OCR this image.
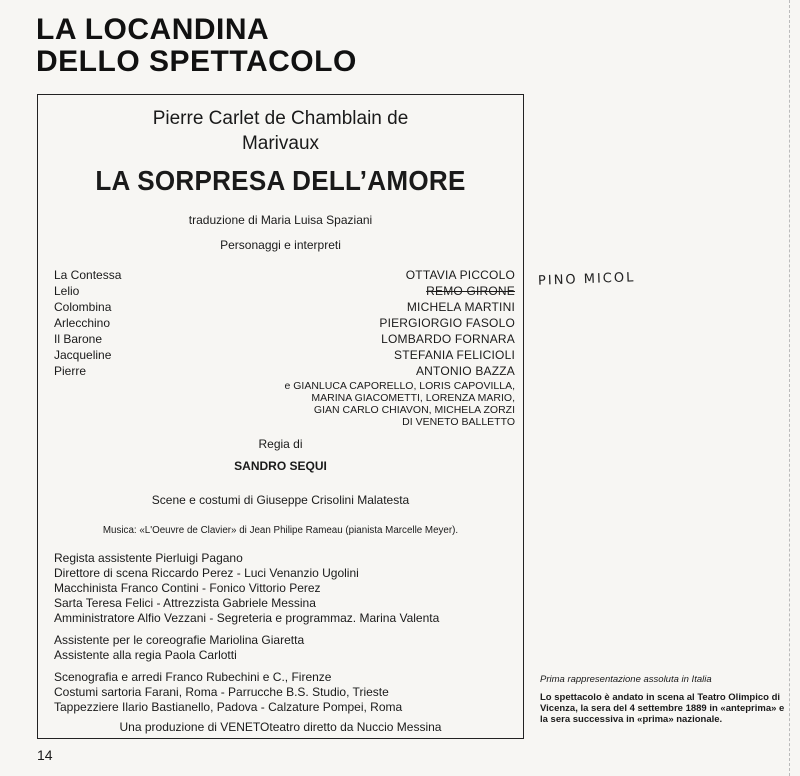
LA LOCANDINA
DELLO SPETTACOLO
Pierre Carlet de Chamblain de
Marivaux
LA SORPRESA DELL’AMORE
traduzione di Maria Luisa Spaziani
Personaggi e interpreti
La Contessa	OTTAVIA PICCOLO
Lelio	REMO GIRONE
Colombina	MICHELA MARTINI
Arlecchino	PIERGIORGIO FASOLO
Il Barone	LOMBARDO FORNARA
Jacqueline	STEFANIA FELICIOLI
Pierre	ANTONIO BAZZA
e GIANLUCA CAPORELLO, LORIS CAPOVILLA,
MARINA GIACOMETTI, LORENZA MARIO,
GIAN CARLO CHIAVON, MICHELA ZORZI
DI VENETO BALLETTO
Regia di
SANDRO SEQUI
Scene e costumi di Giuseppe Crisolini Malatesta
Musica: «L'Oeuvre de Clavier» di Jean Philipe Rameau (pianista Marcelle Meyer).
Regista assistente Pierluigi Pagano
Direttore di scena Riccardo Perez - Luci Venanzio Ugolini
Macchinista Franco Contini - Fonico Vittorio Perez
Sarta Teresa Felici - Attrezzista Gabriele Messina
Amministratore Alfio Vezzani - Segreteria e programmaz. Marina Valenta
Assistente per le coreografie Mariolina Giaretta
Assistente alla regia Paola Carlotti
Scenografia e arredi Franco Rubechini e C., Firenze
Costumi sartoria Farani, Roma - Parrucche B.S. Studio, Trieste
Tappezziere Ilario Bastianello, Padova - Calzature Pompei, Roma
Una produzione di VENETOteatro diretto da Nuccio Messina
PINO MICOL
Prima rappresentazione assoluta in Italia
Lo spettacolo è andato in scena al Teatro Olimpico di Vicenza, la sera del 4 settembre 1889 in «anteprima» e la sera successiva in «prima» nazionale.
14
